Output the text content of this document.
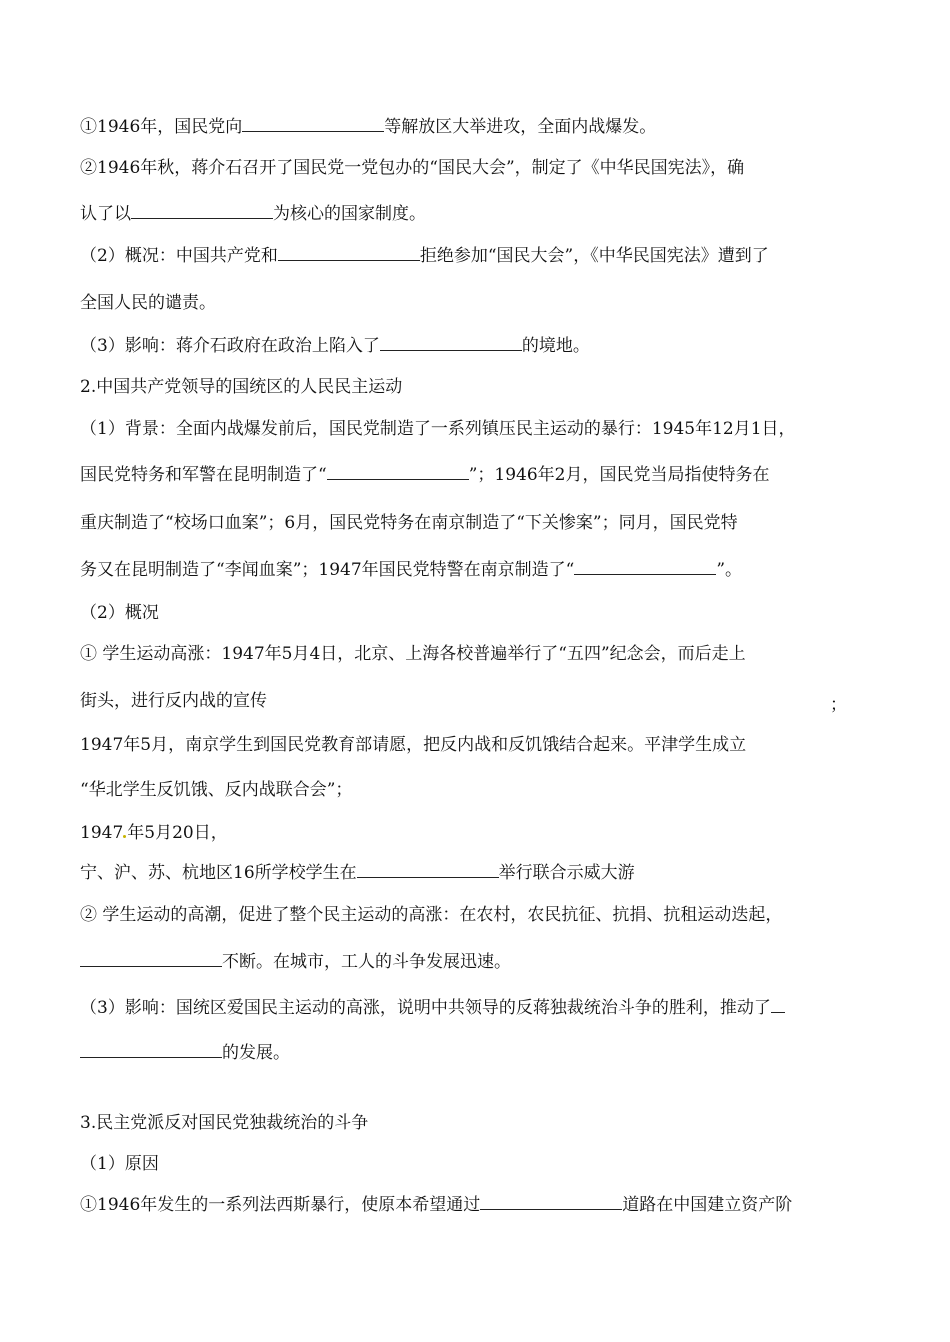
①1946年，国民党向	等解放区大举进攻，全面内战爆发。
②1946年秋，蒋介石召开了国民党一党包办的“国民大会”，制定了《中华民国宪法》，确
认了以	为核心的国家制度。
（2）概况：中国共产党和	拒绝参加“国民大会”，《中华民国宪法》遭到了
全国人民的谴责。
（3）影响：蒋介石政府在政治上陷入了	的境地。
2.中国共产党领导的国统区的人民民主运动
（1）背景：全面内战爆发前后，国民党制造了一系列镇压民主运动的暴行：1945年12月1日，
国民党特务和军警在昆明制造了“	”；1946年2月，国民党当局指使特务在
重庆制造了“校场口血案”；6月，国民党特务在南京制造了“下关惨案”；同月，国民党特
务又在昆明制造了“李闻血案”；1947年国民党特警在南京制造了“	”。
（2）概况
① 学生运动高涨：1947年5月4日，北京、上海各校普遍举行了“五四”纪念会，而后走上
街头，进行反内战的宣传	；
1947年5月，南京学生到国民党教育部请愿，把反内战和反饥饿结合起来。平津学生成立
“华北学生反饥饿、反内战联合会”；
1947 年5月20日，
宁、沪、苏、杭地区16所学校学生在	举行联合示威大游
② 学生运动的高潮，促进了整个民主运动的高涨：在农村，农民抗征、抗捐、抗租运动迭起，
不断。在城市，工人的斗争发展迅速。
（3）影响：国统区爱国民主运动的高涨，说明中共领导的反蒋独裁统治斗争的胜利，推动了
的发展。
3.民主党派反对国民党独裁统治的斗争
（1）原因
①1946年发生的一系列法西斯暴行，使原本希望通过	道路在中国建立资产阶
